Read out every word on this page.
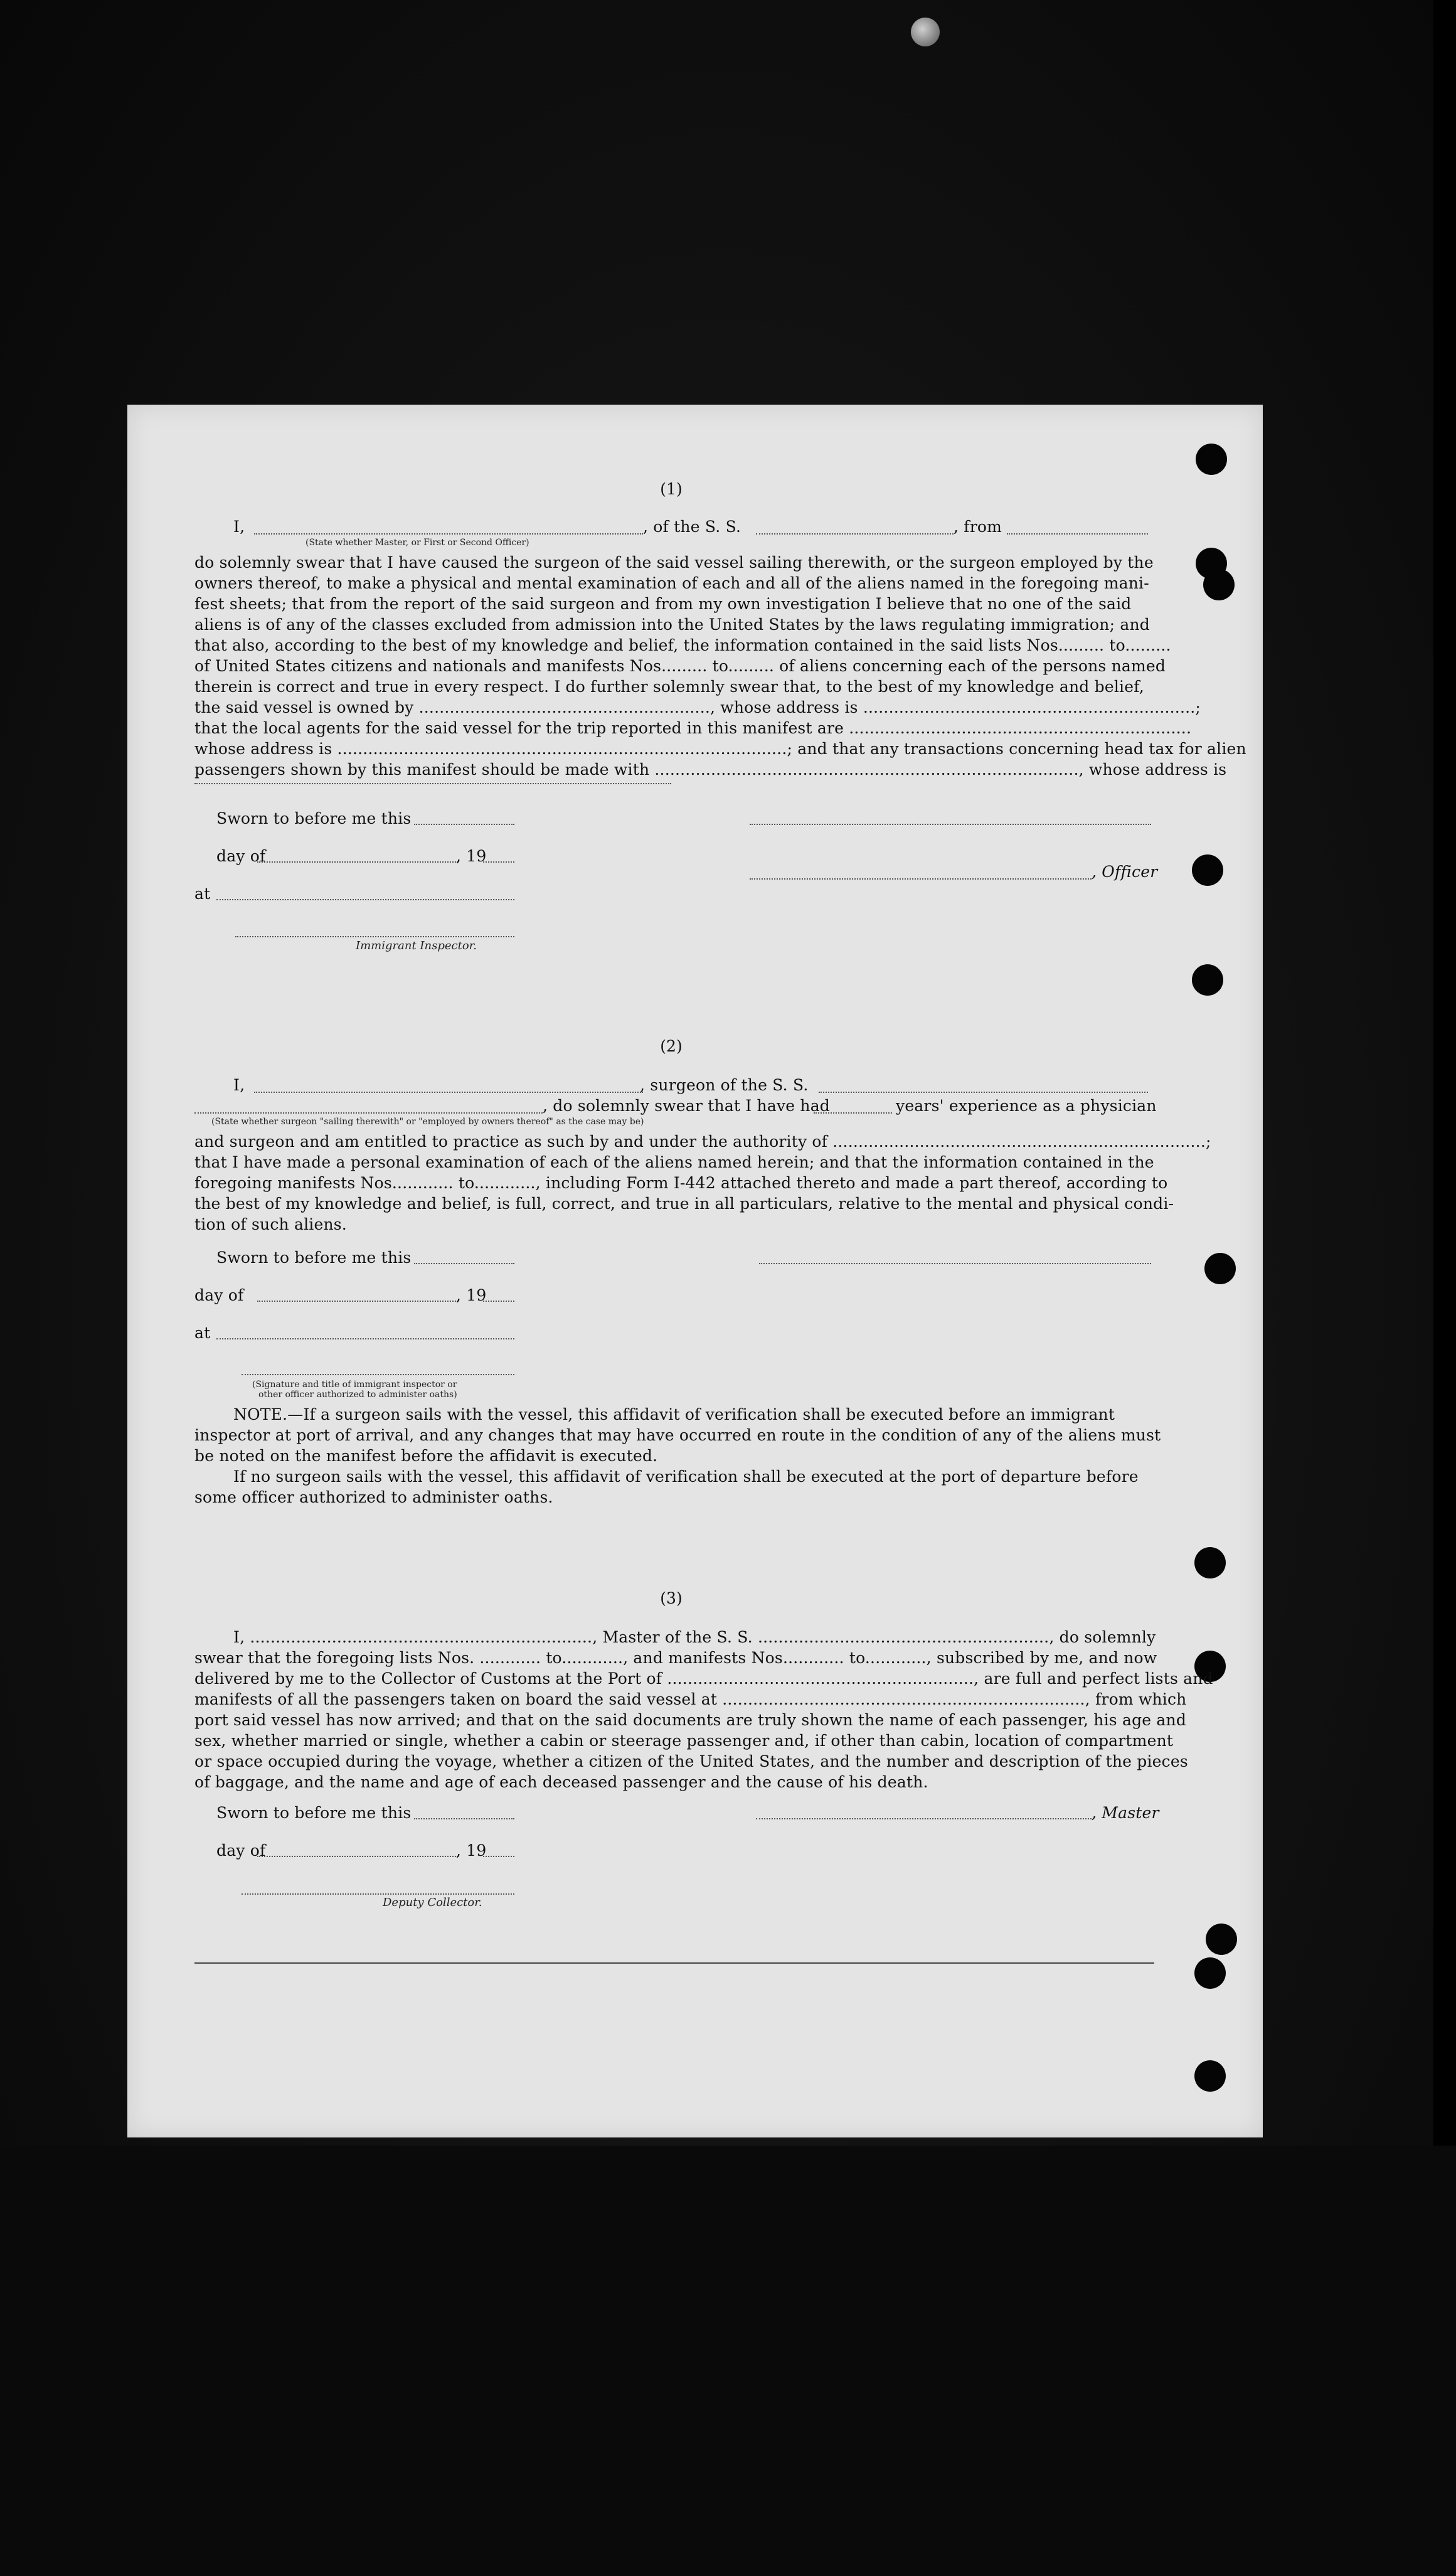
(1)
I,	, of the S. S.	, from
(State whether Master, or First or Second Officer)
do solemnly swear that I have caused the surgeon of the said vessel sailing therewith, or the surgeon employed by the
owners thereof, to make a physical and mental examination of each and all of the aliens named in the foregoing mani-
fest sheets; that from the report of the said surgeon and from my own investigation I believe that no one of the said
aliens is of any of the classes excluded from admission into the United States by the laws regulating immigration; and
that also, according to the best of my knowledge and belief, the information contained in the said lists Nos......... to.........
of United States citizens and nationals and manifests Nos......... to......... of aliens concerning each of the persons named
therein is correct and true in every respect. I do further solemnly swear that, to the best of my knowledge and belief,
the said vessel is owned by ........................................................., whose address is .................................................................;
that the local agents for the said vessel for the trip reported in this manifest are ...................................................................
whose address is ........................................................................................; and that any transactions concerning head tax for alien
passengers shown by this manifest should be made with ..................................................................................., whose address is
Sworn to before me this
day of	, 19
, Officer
at
Immigrant Inspector.
(2)
I,	, surgeon of the S. S.
, do solemnly swear that I have had	years' experience as a physician
(State whether surgeon "sailing therewith" or "employed by owners thereof" as the case may be)
and surgeon and am entitled to practice as such by and under the authority of .........................................................................;
that I have made a personal examination of each of the aliens named herein; and that the information contained in the
foregoing manifests Nos............ to............, including Form I-442 attached thereto and made a part thereof, according to
the best of my knowledge and belief, is full, correct, and true in all particulars, relative to the mental and physical condi-
tion of such aliens.
Sworn to before me this
day of	, 19
at
(Signature and title of immigrant inspector or
other officer authorized to administer oaths)
NOTE.—If a surgeon sails with the vessel, this affidavit of verification shall be executed before an immigrant
inspector at port of arrival, and any changes that may have occurred en route in the condition of any of the aliens must
be noted on the manifest before the affidavit is executed.
If no surgeon sails with the vessel, this affidavit of verification shall be executed at the port of departure before
some officer authorized to administer oaths.
(3)
I, ..................................................................., Master of the S. S. ........................................................., do solemnly
swear that the foregoing lists Nos. ............ to............, and manifests Nos............ to............, subscribed by me, and now
delivered by me to the Collector of Customs at the Port of ............................................................, are full and perfect lists and
manifests of all the passengers taken on board the said vessel at ......................................................................., from which
port said vessel has now arrived; and that on the said documents are truly shown the name of each passenger, his age and
sex, whether married or single, whether a cabin or steerage passenger and, if other than cabin, location of compartment
or space occupied during the voyage, whether a citizen of the United States, and the number and description of the pieces
of baggage, and the name and age of each deceased passenger and the cause of his death.
Sworn to before me this	, Master
day of	, 19
Deputy Collector.
